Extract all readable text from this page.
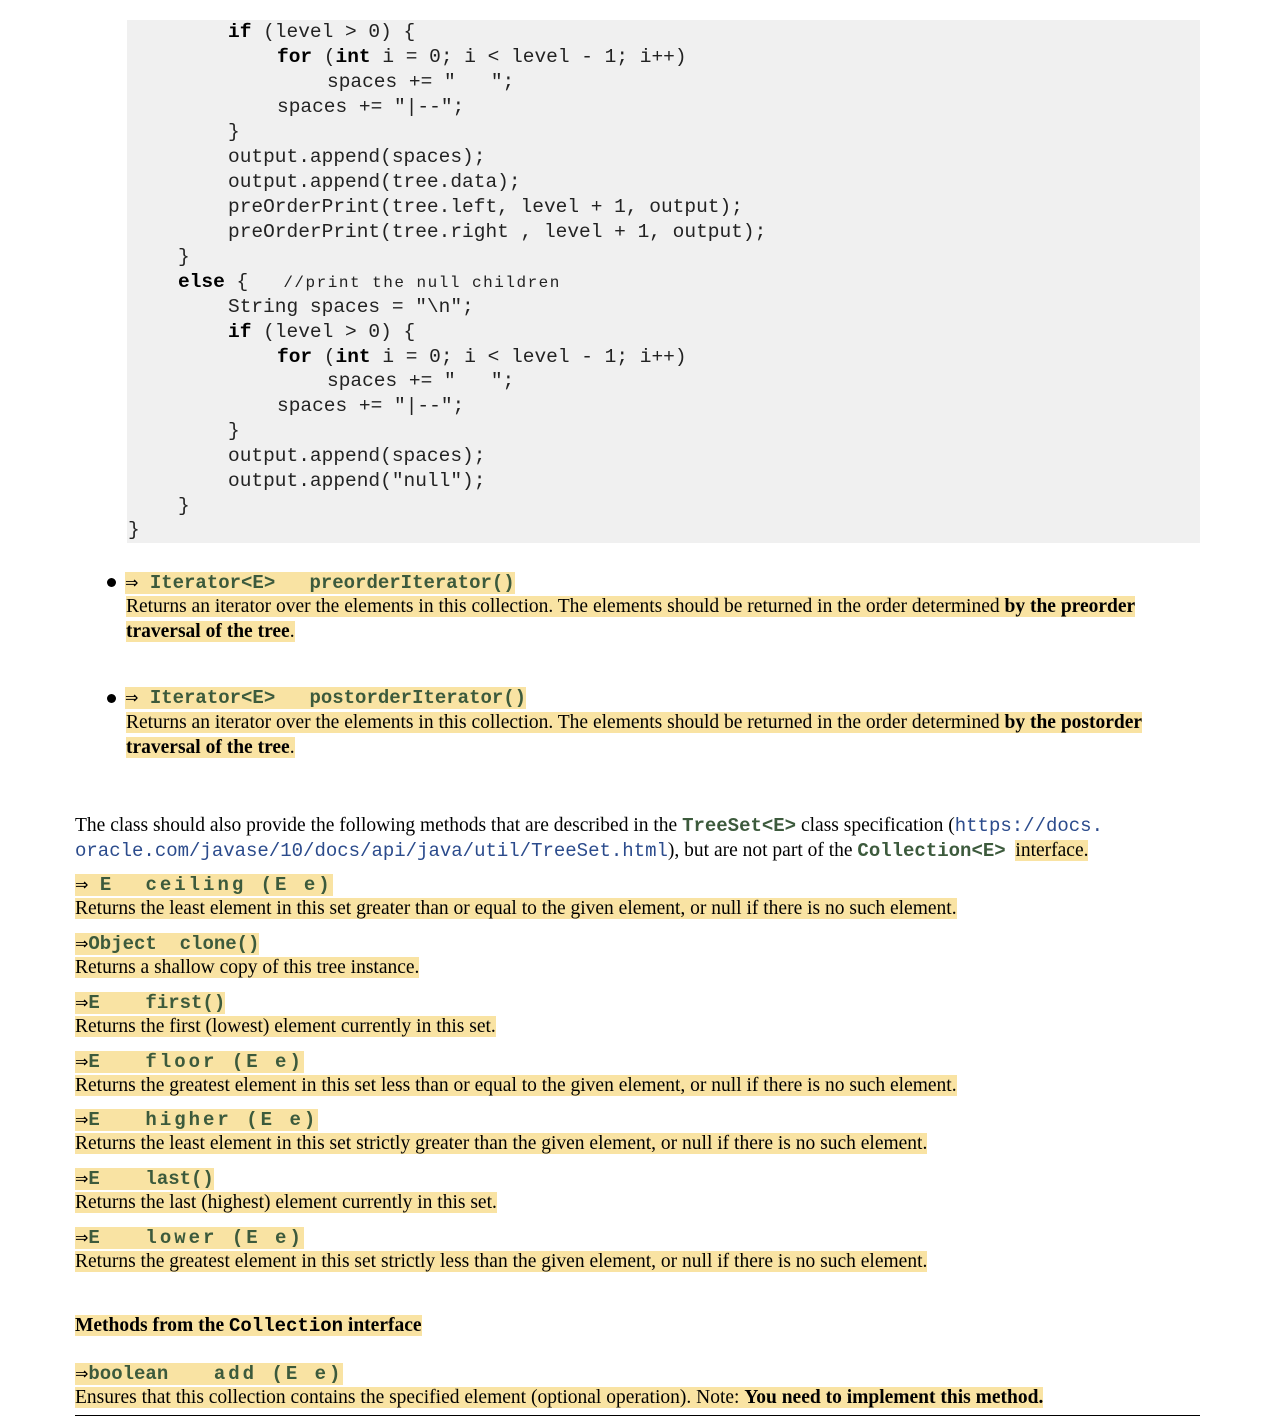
if (level > 0) {
for (int i = 0; i < level - 1; i++)
spaces += "   ";
spaces += "|--";
}
output.append(spaces);
output.append(tree.data);
preOrderPrint(tree.left, level + 1, output);
preOrderPrint(tree.right , level + 1, output);
}
else {   //print the null children
String spaces = "\n";
if (level > 0) {
for (int i = 0; i < level - 1; i++)
spaces += "   ";
spaces += "|--";
}
output.append(spaces);
output.append("null");
}
}
⇒ Iterator<E> preorderIterator()
Returns an iterator over the elements in this collection. The elements should be returned in the order determined by the preorder
traversal of the tree.
⇒ Iterator<E> postorderIterator()
Returns an iterator over the elements in this collection. The elements should be returned in the order determined by the postorder
traversal of the tree.
The class should also provide the following methods that are described in the TreeSet<E> class specification (https://docs.
oracle.com/javase/10/docs/api/java/util/TreeSet.html), but are not part of the Collection<E> interface.
⇒ E ceiling (E e)
Returns the least element in this set greater than or equal to the given element, or null if there is no such element.
⇒Object clone()
Returns a shallow copy of this tree instance.
⇒E first()
Returns the first (lowest) element currently in this set.
⇒E floor (E e)
Returns the greatest element in this set less than or equal to the given element, or null if there is no such element.
⇒E higher (E e)
Returns the least element in this set strictly greater than the given element, or null if there is no such element.
⇒E last()
Returns the last (highest) element currently in this set.
⇒E lower (E e)
Returns the greatest element in this set strictly less than the given element, or null if there is no such element.
Methods from the Collection interface
⇒boolean add (E e)
Ensures that this collection contains the specified element (optional operation). Note: You need to implement this method.
